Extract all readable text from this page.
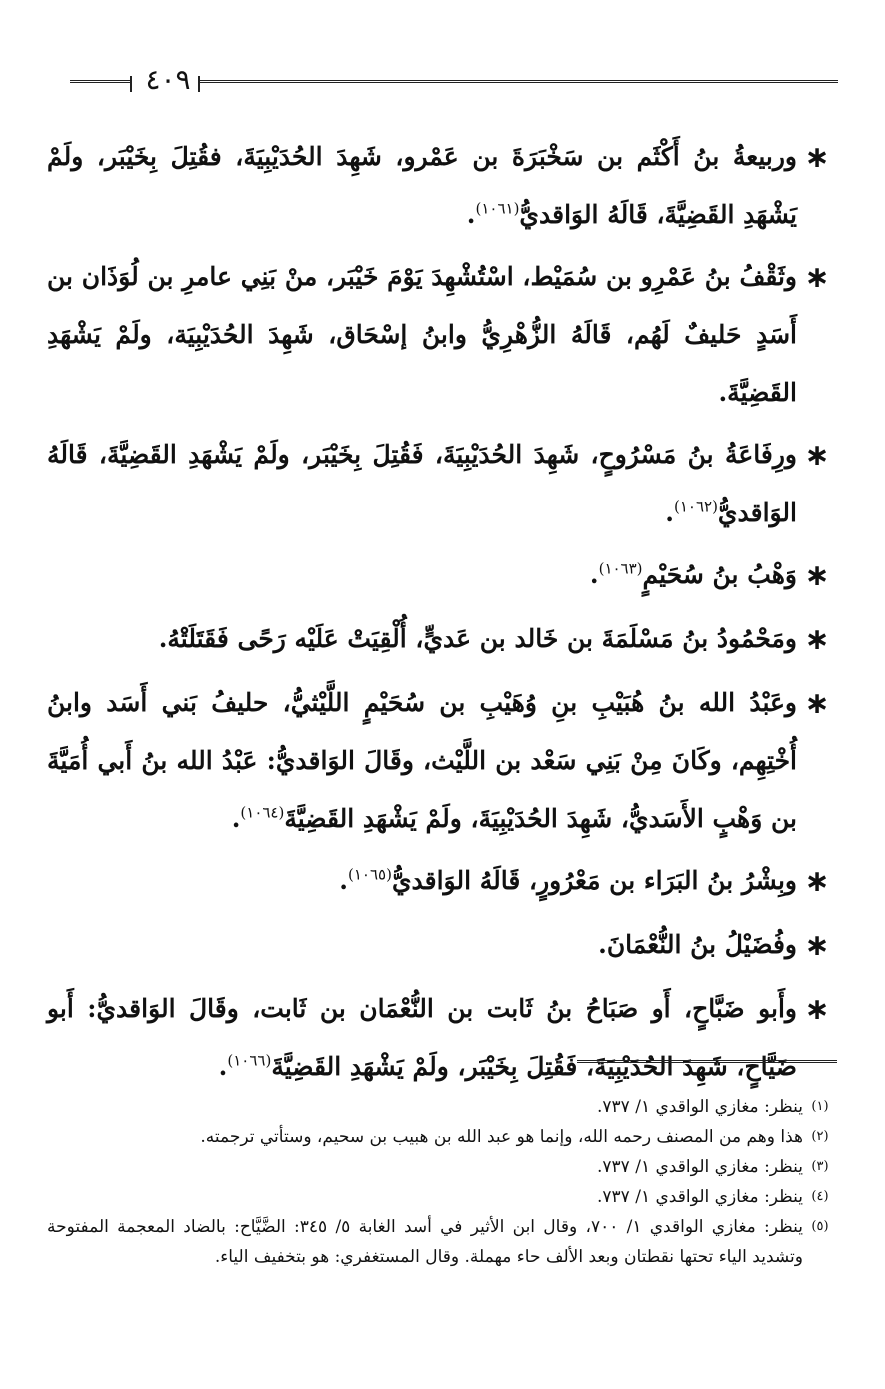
٤٠٩
∗
وربيعةُ بنُ أَكْثَم بن سَخْبَرَةَ بن عَمْرو، شَهِدَ الحُدَيْبِيَةَ، فقُتِلَ بِخَيْبَر، ولَمْ يَشْهَدِ القَضِيَّةَ، قَالَهُ الوَاقديُّ$^{(١٠٦١)}$.
∗
وثَقْفُ بنُ عَمْرِو بن سُمَيْط، اسْتُشْهِدَ يَوْمَ خَيْبَر، منْ بَنِي عامرِ بن لُوَذَان بن أَسَدٍ حَليفٌ لَهُم، قَالَهُ الزُّهْرِيُّ وابنُ إسْحَاق، شَهِدَ الحُدَيْبِيَة، ولَمْ يَشْهَدِ القَضِيَّةَ.
∗
ورِفَاعَةُ بنُ مَسْرُوحٍ، شَهِدَ الحُدَيْبِيَةَ، فَقُتِلَ بِخَيْبَر، ولَمْ يَشْهَدِ القَضِيَّةَ، قَالَهُ الوَاقديُّ$^{(١٠٦٢)}$.
∗
وَهْبُ بنُ سُحَيْمٍ$^{(١٠٦٣)}$.
∗
ومَحْمُودُ بنُ مَسْلَمَةَ بن خَالد بن عَديٍّ، أُلْقِيَتْ عَلَيْه رَحًى فَقَتَلَتْهُ.
∗
وعَبْدُ الله بنُ هُبَيْبِ بنِ وُهَيْبِ بن سُحَيْمٍ اللَّيْثيُّ، حليفُ بَني أَسَد وابنُ أُخْتِهِم، وكَانَ مِنْ بَنِي سَعْد بن اللَّيْث، وقَالَ الوَاقديُّ: عَبْدُ الله بنُ أَبي أُمَيَّةَ بن وَهْبٍ الأَسَديُّ، شَهِدَ الحُدَيْبِيَةَ، ولَمْ يَشْهَدِ القَضِيَّةَ$^{(١٠٦٤)}$.
∗
وبِشْرُ بنُ البَرَاء بن مَعْرُورٍ، قَالَهُ الوَاقديُّ$^{(١٠٦٥)}$.
∗
وفُضَيْلُ بنُ النُّعْمَانَ.
∗
وأَبو ضَبَّاحٍ، أَو صَبَاحُ بنُ ثَابت بن النُّعْمَان بن ثَابت، وقَالَ الوَاقديُّ: أَبو ضَيَّاحٍ، شَهِدَ الحُدَيْبِيَةَ، فَقُتِلَ بِخَيْبَر، ولَمْ يَشْهَدِ القَضِيَّةَ$^{(١٠٦٦)}$.
(١)
ينظر: مغازي الواقدي ١/ ٧٣٧.
(٢)
هذا وهم من المصنف رحمه الله، وإنما هو عبد الله بن هبيب بن سحيم، وستأتي ترجمته.
(٣)
ينظر: مغازي الواقدي ١/ ٧٣٧.
(٤)
ينظر: مغازي الواقدي ١/ ٧٣٧.
(٥)
ينظر: مغازي الواقدي ١/ ٧٠٠، وقال ابن الأثير في أسد الغابة ٥/ ٣٤٥: الضَّيَّاح: بالضاد المعجمة المفتوحة وتشديد الياء تحتها نقطتان وبعد الألف حاء مهملة. وقال المستغفري: هو بتخفيف الياء.
